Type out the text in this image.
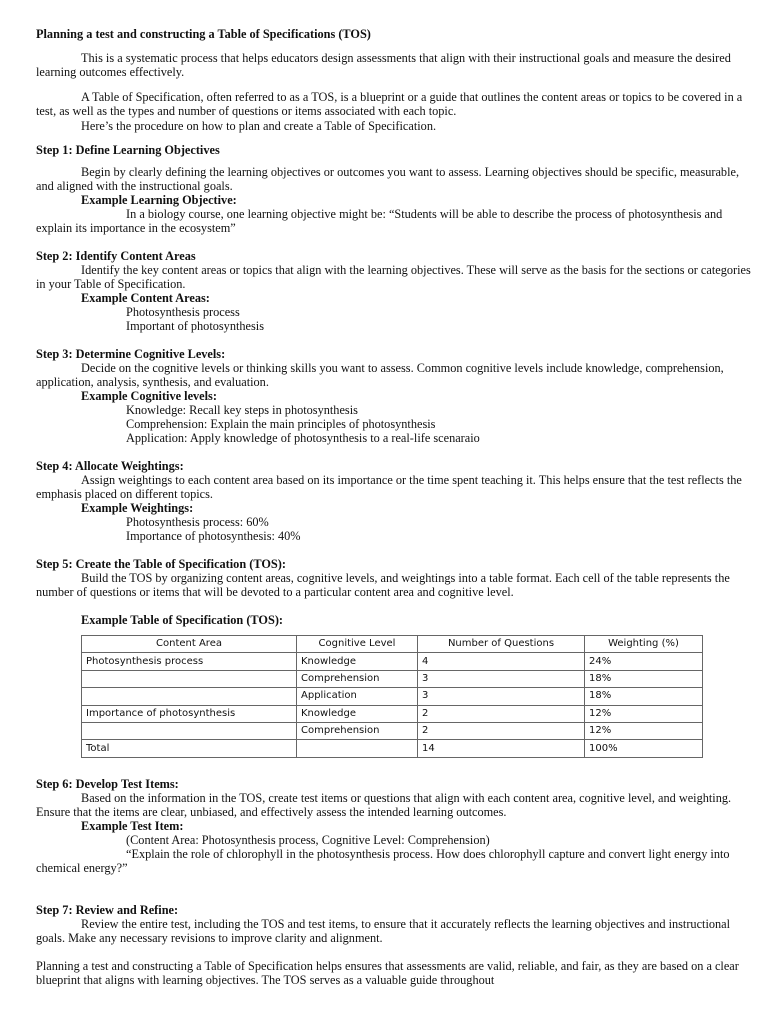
Planning a test and constructing a Table of Specifications (TOS)

This is a systematic process that helps educators design assessments that align with their instructional goals and measure the desired learning outcomes effectively.

A Table of Specification, often referred to as a TOS, is a blueprint or a guide that outlines the content areas or topics to be covered in a test, as well as the types and number of questions or items associated with each topic.

Here’s the procedure on how to plan and create a Table of Specification.

Step 1: Define Learning Objectives

Begin by clearly defining the learning objectives or outcomes you want to assess. Learning objectives should be specific, measurable, and aligned with the instructional goals.

Example Learning Objective:

In a biology course, one learning objective might be: “Students will be able to describe the process of photosynthesis and explain its importance in the ecosystem”

Step 2: Identify Content Areas

Identify the key content areas or topics that align with the learning objectives. These will serve as the basis for the sections or categories in your Table of Specification.

Example Content Areas:

Photosynthesis process

Important of photosynthesis

Step 3: Determine Cognitive Levels:

Decide on the cognitive levels or thinking skills you want to assess. Common cognitive levels include knowledge, comprehension, application, analysis, synthesis, and evaluation.

Example Cognitive levels:

Knowledge: Recall key steps in photosynthesis

Comprehension: Explain the main principles of photosynthesis

Application: Apply knowledge of photosynthesis to a real-life scenaraio

Step 4: Allocate Weightings:

Assign weightings to each content area based on its importance or the time spent teaching it. This helps ensure that the test reflects the emphasis placed on different topics.

Example Weightings:

Photosynthesis process: 60%

Importance of photosynthesis: 40%

Step 5: Create the Table of Specification (TOS):

Build the TOS by organizing content areas, cognitive levels, and weightings into a table format. Each cell of the table represents the number of questions or items that will be devoted to a particular content area and cognitive level.

Example Table of Specification (TOS):

Content Area	Cognitive Level	Number of Questions	Weighting (%)
Photosynthesis process	Knowledge	4	24%
	Comprehension	3	18%
	Application	3	18%
Importance of photosynthesis	Knowledge	2	12%
	Comprehension	2	12%
Total		14	100%

Step 6: Develop Test Items:

Based on the information in the TOS, create test items or questions that align with each content area, cognitive level, and weighting. Ensure that the items are clear, unbiased, and effectively assess the intended learning outcomes.

Example Test Item:

(Content Area: Photosynthesis process, Cognitive Level: Comprehension)

“Explain the role of chlorophyll in the photosynthesis process. How does chlorophyll capture and convert light energy into chemical energy?”

Step 7: Review and Refine:

Review the entire test, including the TOS and test items, to ensure that it accurately reflects the learning objectives and instructional goals. Make any necessary revisions to improve clarity and alignment.

Planning a test and constructing a Table of Specification helps ensures that assessments are valid, reliable, and fair, as they are based on a clear blueprint that aligns with learning objectives. The TOS serves as a valuable guide throughout
